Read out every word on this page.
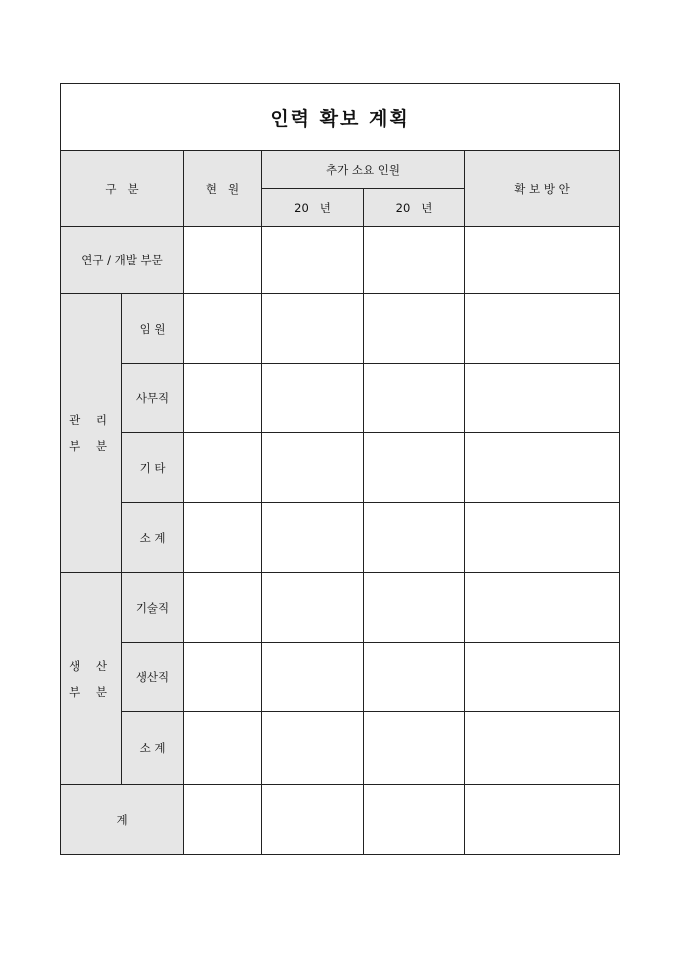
인력 확보 계획					
구   분		현   원	추가 소요 인원		확 보 방 안
			20   년	20   년	
연구 / 개발 부문					

관 리
부 분	임 원				
	사무직				
	기 타				
	소 계				

생 산
부 분	기술직				
	생산직				
	소 계				
계					
